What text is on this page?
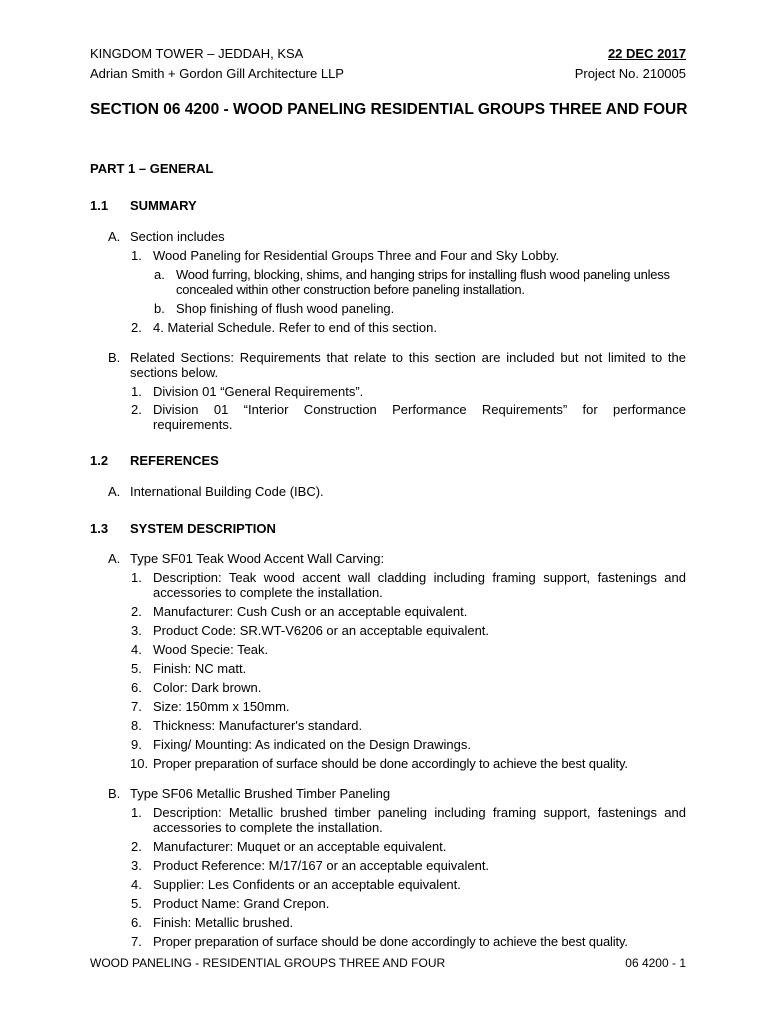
KINGDOM TOWER – JEDDAH, KSA	22 DEC 2017
Adrian Smith + Gordon Gill Architecture LLP	Project No. 210005
SECTION 06 4200 - WOOD PANELING RESIDENTIAL GROUPS THREE AND FOUR
PART 1 – GENERAL
1.1	SUMMARY
A. Section includes
1. Wood Paneling for Residential Groups Three and Four and Sky Lobby.
a. Wood furring, blocking, shims, and hanging strips for installing flush wood paneling unless concealed within other construction before paneling installation.
b. Shop finishing of flush wood paneling.
2. 4. Material Schedule. Refer to end of this section.
B. Related Sections: Requirements that relate to this section are included but not limited to the sections below.
1. Division 01 “General Requirements”.
2. Division 01 “Interior Construction Performance Requirements” for performance requirements.
1.2	REFERENCES
A. International Building Code (IBC).
1.3	SYSTEM DESCRIPTION
A. Type SF01 Teak Wood Accent Wall Carving:
1. Description: Teak wood accent wall cladding including framing support, fastenings and accessories to complete the installation.
2. Manufacturer: Cush Cush or an acceptable equivalent.
3. Product Code: SR.WT-V6206 or an acceptable equivalent.
4. Wood Specie: Teak.
5. Finish: NC matt.
6. Color: Dark brown.
7. Size: 150mm x 150mm.
8. Thickness: Manufacturer's standard.
9. Fixing/ Mounting: As indicated on the Design Drawings.
10. Proper preparation of surface should be done accordingly to achieve the best quality.
B. Type SF06 Metallic Brushed Timber Paneling
1. Description: Metallic brushed timber paneling including framing support, fastenings and accessories to complete the installation.
2. Manufacturer: Muquet or an acceptable equivalent.
3. Product Reference: M/17/167 or an acceptable equivalent.
4. Supplier: Les Confidents or an acceptable equivalent.
5. Product Name: Grand Crepon.
6. Finish: Metallic brushed.
7. Proper preparation of surface should be done accordingly to achieve the best quality.
WOOD PANELING - RESIDENTIAL GROUPS THREE AND FOUR	06 4200 - 1
